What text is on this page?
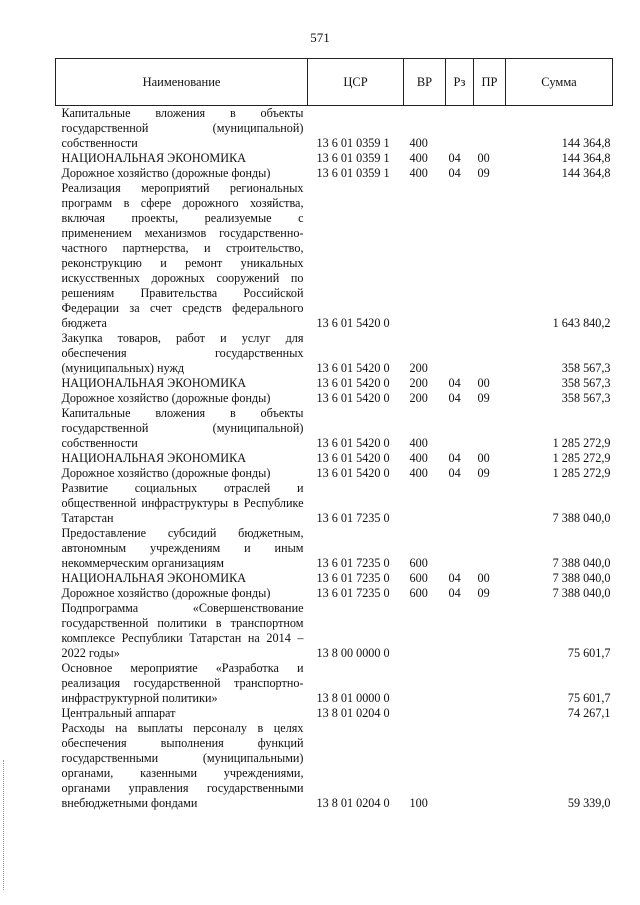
571
Наименование	ЦСР	ВР	Рз	ПР	Сумма
Капитальные вложения в объекты государственной (муниципальной) собственности	13 6 01 0359 1	400			144 364,8
НАЦИОНАЛЬНАЯ ЭКОНОМИКА	13 6 01 0359 1	400	04	00	144 364,8
Дорожное хозяйство (дорожные фонды)	13 6 01 0359 1	400	04	09	144 364,8
Реализация мероприятий региональных программ в сфере дорожного хозяйства, включая проекты, реализуемые с применением механизмов государственно-частного партнерства, и строительство, реконструкцию и ремонт уникальных искусственных дорожных сооружений по решениям Правительства Российской Федерации за счет средств федерального бюджета	13 6 01 5420 0				1 643 840,2
Закупка товаров, работ и услуг для обеспечения государственных (муниципальных) нужд	13 6 01 5420 0	200			358 567,3
НАЦИОНАЛЬНАЯ ЭКОНОМИКА	13 6 01 5420 0	200	04	00	358 567,3
Дорожное хозяйство (дорожные фонды)	13 6 01 5420 0	200	04	09	358 567,3
Капитальные вложения в объекты государственной (муниципальной) собственности	13 6 01 5420 0	400			1 285 272,9
НАЦИОНАЛЬНАЯ ЭКОНОМИКА	13 6 01 5420 0	400	04	00	1 285 272,9
Дорожное хозяйство (дорожные фонды)	13 6 01 5420 0	400	04	09	1 285 272,9
Развитие социальных отраслей и общественной инфраструктуры в Республике Татарстан	13 6 01 7235 0				7 388 040,0
Предоставление субсидий бюджетным, автономным учреждениям и иным некоммерческим организациям	13 6 01 7235 0	600			7 388 040,0
НАЦИОНАЛЬНАЯ ЭКОНОМИКА	13 6 01 7235 0	600	04	00	7 388 040,0
Дорожное хозяйство (дорожные фонды)	13 6 01 7235 0	600	04	09	7 388 040,0
Подпрограмма «Совершенствование государственной политики в транспортном комплексе Республики Татарстан на 2014 – 2022 годы»	13 8 00 0000 0				75 601,7
Основное мероприятие «Разработка и реализация государственной транспортно-инфраструктурной политики»	13 8 01 0000 0				75 601,7
Центральный аппарат	13 8 01 0204 0				74 267,1
Расходы на выплаты персоналу в целях обеспечения выполнения функций государственными (муниципальными) органами, казенными учреждениями, органами управления государственными внебюджетными фондами	13 8 01 0204 0	100			59 339,0
